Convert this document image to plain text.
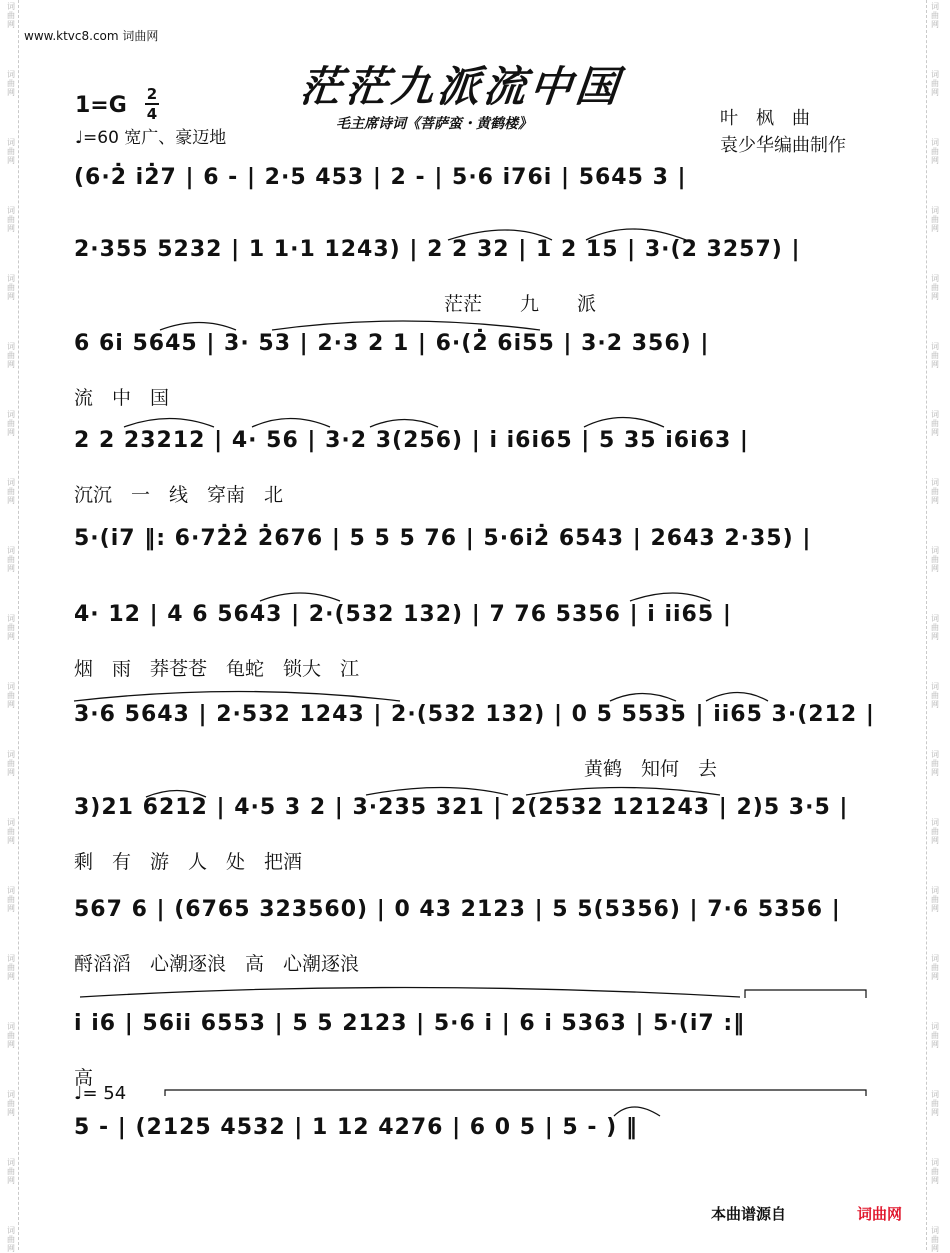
词
曲
网
词
曲
网
词
曲
网
词
曲
网
词
曲
网
词
曲
网
词
曲
网
词
曲
网
词
曲
网
词
曲
网
词
曲
网
词
曲
网
词
曲
网
词
曲
网
词
曲
网
词
曲
网
词
曲
网
词
曲
网
词
曲
网
词
曲
网
词
曲
网
词
曲
网
词
曲
网
词
曲
网
词
曲
网
词
曲
网
词
曲
网
词
曲
网
词
曲
网
词
曲
网
词
曲
网
词
曲
网
词
曲
网
词
曲
网
词
曲
网
词
曲
网
词
曲
网
词
曲
网
www.ktvc8.com 词曲网
茫茫九派流中国
1=G 2
4
♩=60 宽广、豪迈地
毛主席诗词《菩萨蛮・黄鹤楼》	叶枫曲
袁少华编曲制作
(6·2̇ i2̇7 | 6 - | 2·5 453 | 2 - | 5·6 i76i | 5645 3 |
2·355 5232 | 1 1·1 1243) | 2 2 32 | 1 2 15 | 3·(2 3257) |
茫茫　　九　　派
6 6i 5645 | 3· 53 | 2·3 2 1 | 6·(2̇ 6i55 | 3·2 356) |
流　中　国
2 2 23212 | 4· 56 | 3·2 3(256) | i i6i65 | 5 35 i6i63 |
沉沉　一　线　穿南　北
5·(i7 ‖: 6·72̇2̇ 2̇676 | 5 5 5 76 | 5·6i2̇ 6543 | 2643 2·35) |
4· 12 | 4 6 5643 | 2·(532 132) | 7 76 5356 | i ii65 |
烟　雨　莽苍苍　龟蛇　锁大　江
3·6 5643 | 2·532 1243 | 2·(532 132) | 0 5 5535 | ii65 3·(212 |
黄鹤　知何　去
3)21 6212 | 4·5 3 2 | 3·235 321 | 2(2532 121243 | 2)5 3·5 |
剩　有　游　人　处　把酒
567 6 | (6765 323560) | 0 43 2123 | 5 5(5356) | 7·6 5356 |
酹滔滔　心潮逐浪　高　心潮逐浪
i i6 | 56ii 6553 | 5 5 2123 | 5·6 i | 6 i 5363 | 5·(i7 :‖
高
♩= 54
5 - | (2125 4532 | 1 12 4276 | 6 0 5 | 5 - ) ‖
本曲谱源自	词曲网
